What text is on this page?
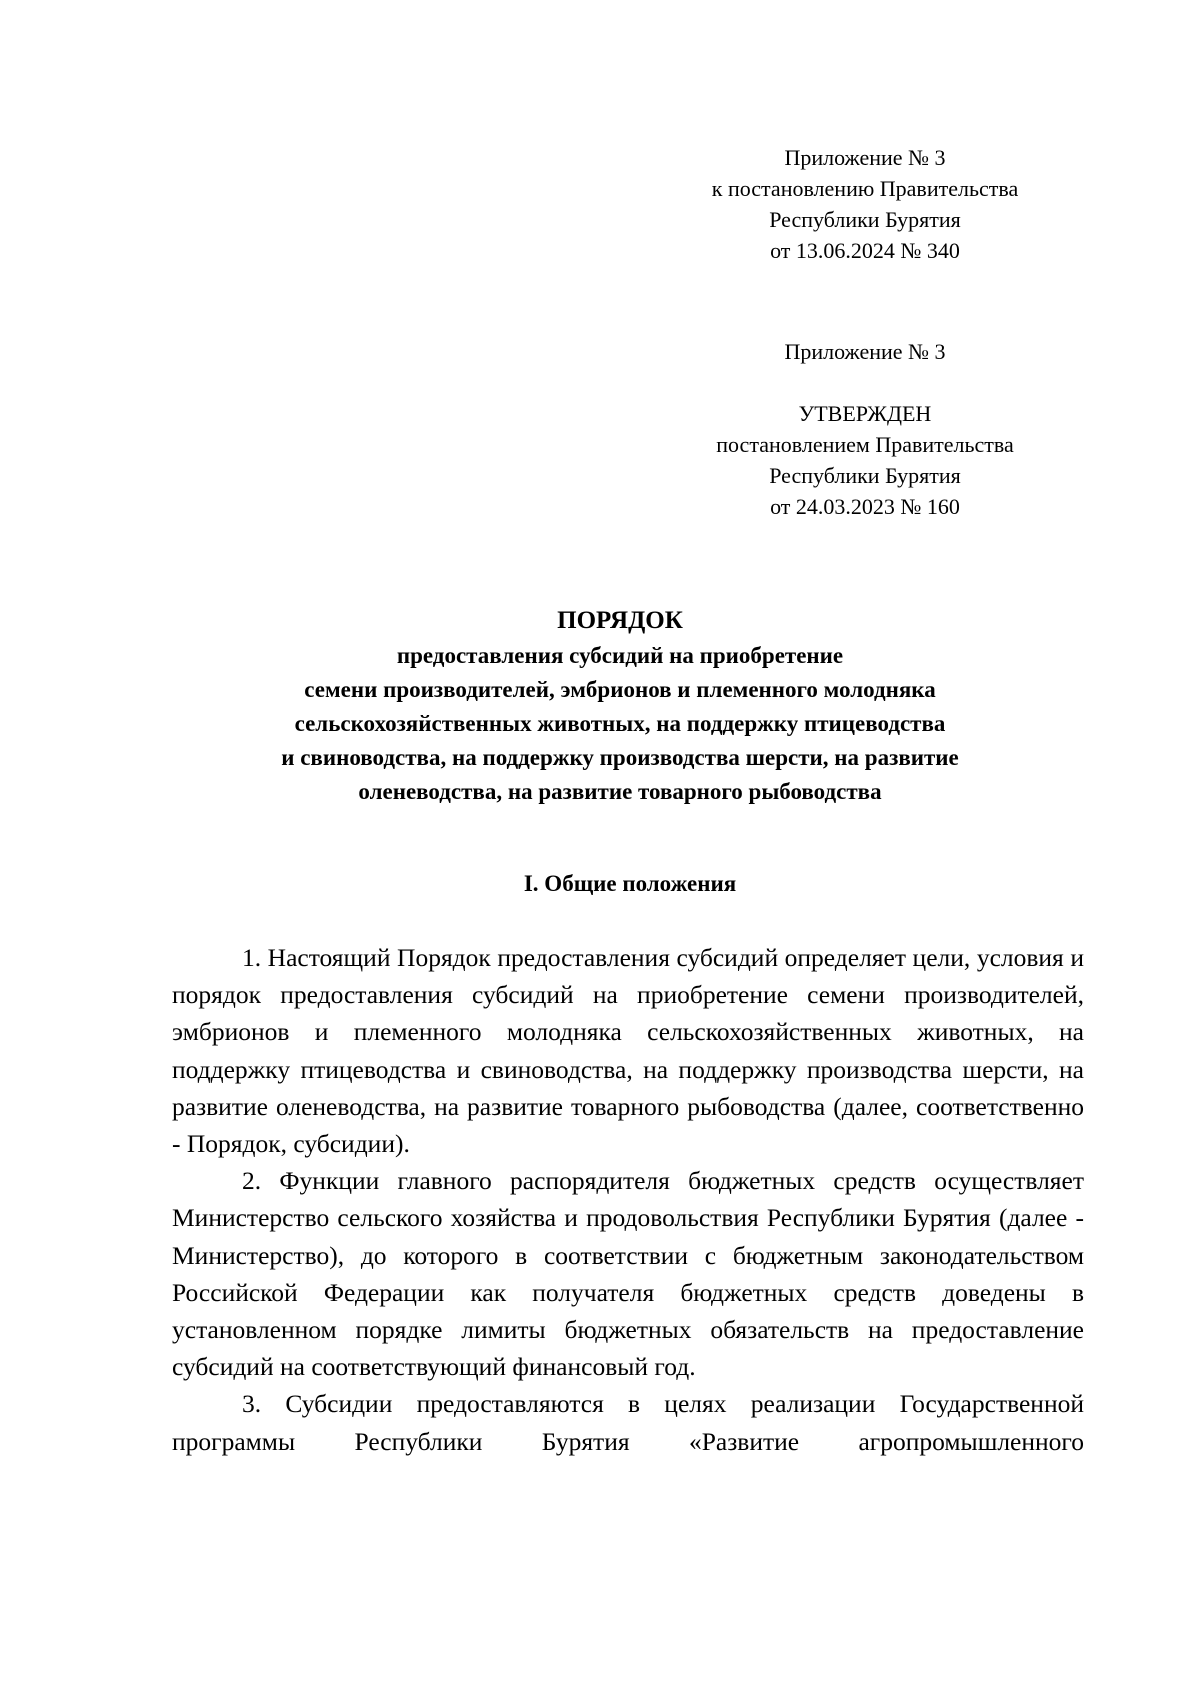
Приложение № 3
к постановлению Правительства
Республики Бурятия
от 13.06.2024 № 340
Приложение № 3
УТВЕРЖДЕН
постановлением Правительства
Республики Бурятия
от 24.03.2023 № 160
ПОРЯДОК
предоставления субсидий на приобретение
семени производителей, эмбрионов и племенного молодняка
сельскохозяйственных животных, на поддержку птицеводства
и свиноводства, на поддержку производства шерсти, на развитие
оленеводства, на развитие товарного рыбоводства
I. Общие положения

1. Настоящий Порядок предоставления субсидий определяет цели, условия и порядок предоставления субсидий на приобретение семени производителей, эмбрионов и племенного молодняка сельскохозяйственных животных, на поддержку птицеводства и свиноводства, на поддержку производства шерсти, на развитие оленеводства, на развитие товарного рыбоводства (далее, соответственно - Порядок, субсидии).

2. Функции главного распорядителя бюджетных средств осуществляет Министерство сельского хозяйства и продовольствия Республики Бурятия (далее - Министерство), до которого в соответствии с бюджетным законодательством Российской Федерации как получателя бюджетных средств доведены в установленном порядке лимиты бюджетных обязательств на предоставление субсидий на соответствующий финансовый год.

3. Субсидии предоставляются в целях реализации Государственной программы Республики Бурятия «Развитие агропромышленного
